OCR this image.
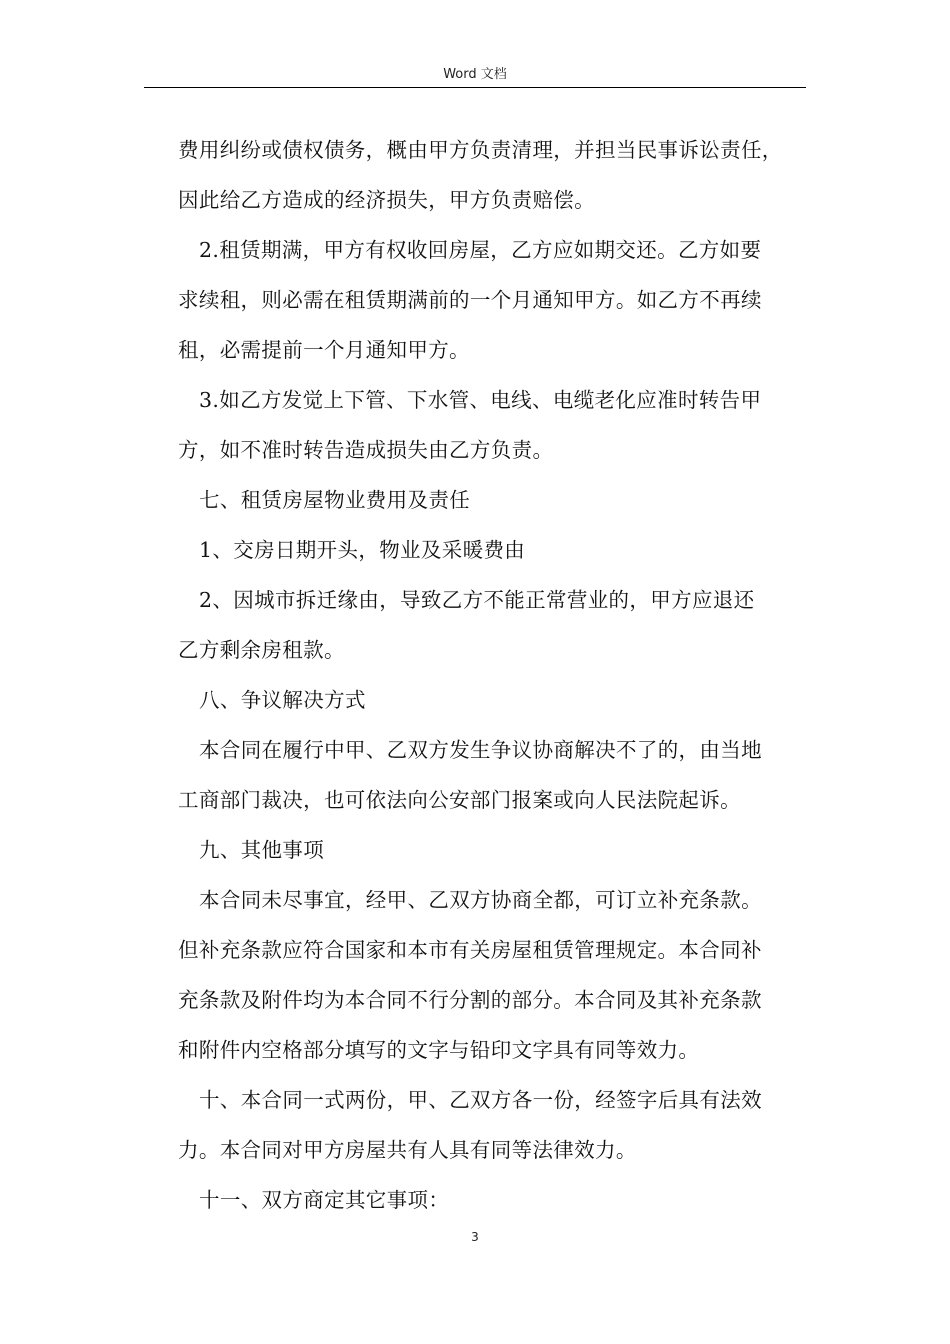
Word 文档
费用纠纷或债权债务，概由甲方负责清理，并担当民事诉讼责任，
因此给乙方造成的经济损失，甲方负责赔偿。
2.租赁期满，甲方有权收回房屋，乙方应如期交还。乙方如要
求续租，则必需在租赁期满前的一个月通知甲方。如乙方不再续
租，必需提前一个月通知甲方。
3.如乙方发觉上下管、下水管、电线、电缆老化应准时转告甲
方，如不准时转告造成损失由乙方负责。
七、租赁房屋物业费用及责任
1、交房日期开头，物业及采暖费由
2、因城市拆迁缘由，导致乙方不能正常营业的，甲方应退还
乙方剩余房租款。
八、争议解决方式
本合同在履行中甲、乙双方发生争议协商解决不了的，由当地
工商部门裁决，也可依法向公安部门报案或向人民法院起诉。
九、其他事项
本合同未尽事宜，经甲、乙双方协商全都，可订立补充条款。
但补充条款应符合国家和本市有关房屋租赁管理规定。本合同补
充条款及附件均为本合同不行分割的部分。本合同及其补充条款
和附件内空格部分填写的文字与铅印文字具有同等效力。
十、本合同一式两份，甲、乙双方各一份，经签字后具有法效
力。本合同对甲方房屋共有人具有同等法律效力。
十一、双方商定其它事项：
3
